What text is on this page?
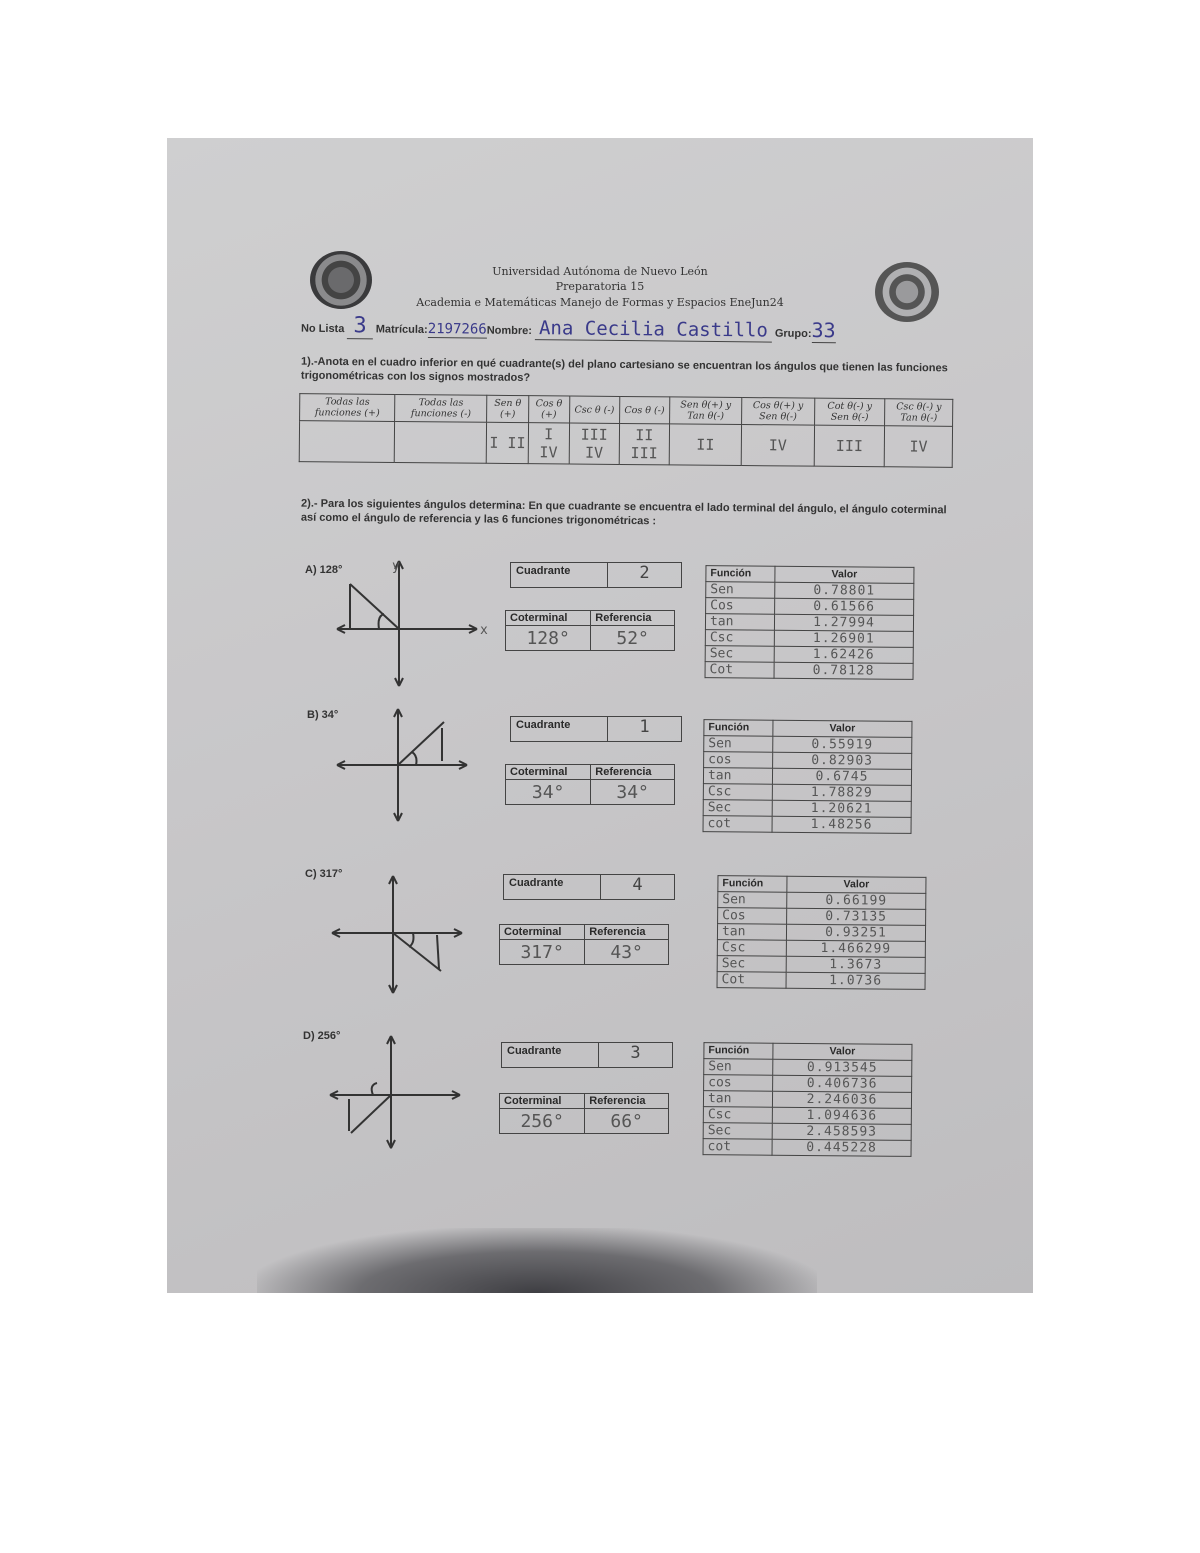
Universidad Autónoma de Nuevo León
Preparatoria 15
Academia e Matemáticas Manejo de Formas y Espacios EneJun24
No Lista 3 Matrícula:2197266Nombre: Ana Cecilia Castillo Grupo:33
1).-Anota en el cuadro inferior en qué cuadrante(s) del plano cartesiano se encuentran los ángulos que tienen las funciones trigonométricas con los signos mostrados?
Todas las funciones (+)	Todas las funciones (-)	Sen θ (+)	Cos θ (+)	Csc θ (-)	Cos θ (-)	Sen θ(+) y Tan θ(-)	Cos θ(+) y Sen θ(-)	Cot θ(-) y Sen θ(-)	Csc θ(-) y Tan θ(-)
		I II	I IV	III IV	II III	II	IV	III	IV
2).- Para los siguientes ángulos determina: En que cuadrante se encuentra el lado terminal del ángulo, el ángulo coterminal así como el ángulo de referencia y las 6 funciones trigonométricas :
A) 128°
x
y	Cuadrante	2
Coterminal	Referencia
128°	52°
Función	Valor
Sen	0.78801
Cos	0.61566
tan	1.27994
Csc	1.26901
Sec	1.62426
Cot	0.78128
B) 34°
Cuadrante	1
Coterminal	Referencia
34°	34°
Función	Valor
Sen	0.55919
cos	0.82903
tan	0.6745
Csc	1.78829
Sec	1.20621
cot	1.48256
C) 317°
Cuadrante	4
Coterminal	Referencia
317°	43°
Función	Valor
Sen	0.66199
Cos	0.73135
tan	0.93251
Csc	1.466299
Sec	1.3673
Cot	1.0736
D) 256°
Cuadrante	3
Coterminal	Referencia
256°	66°
Función	Valor
Sen	0.913545
cos	0.406736
tan	2.246036
Csc	1.094636
Sec	2.458593
cot	0.445228
